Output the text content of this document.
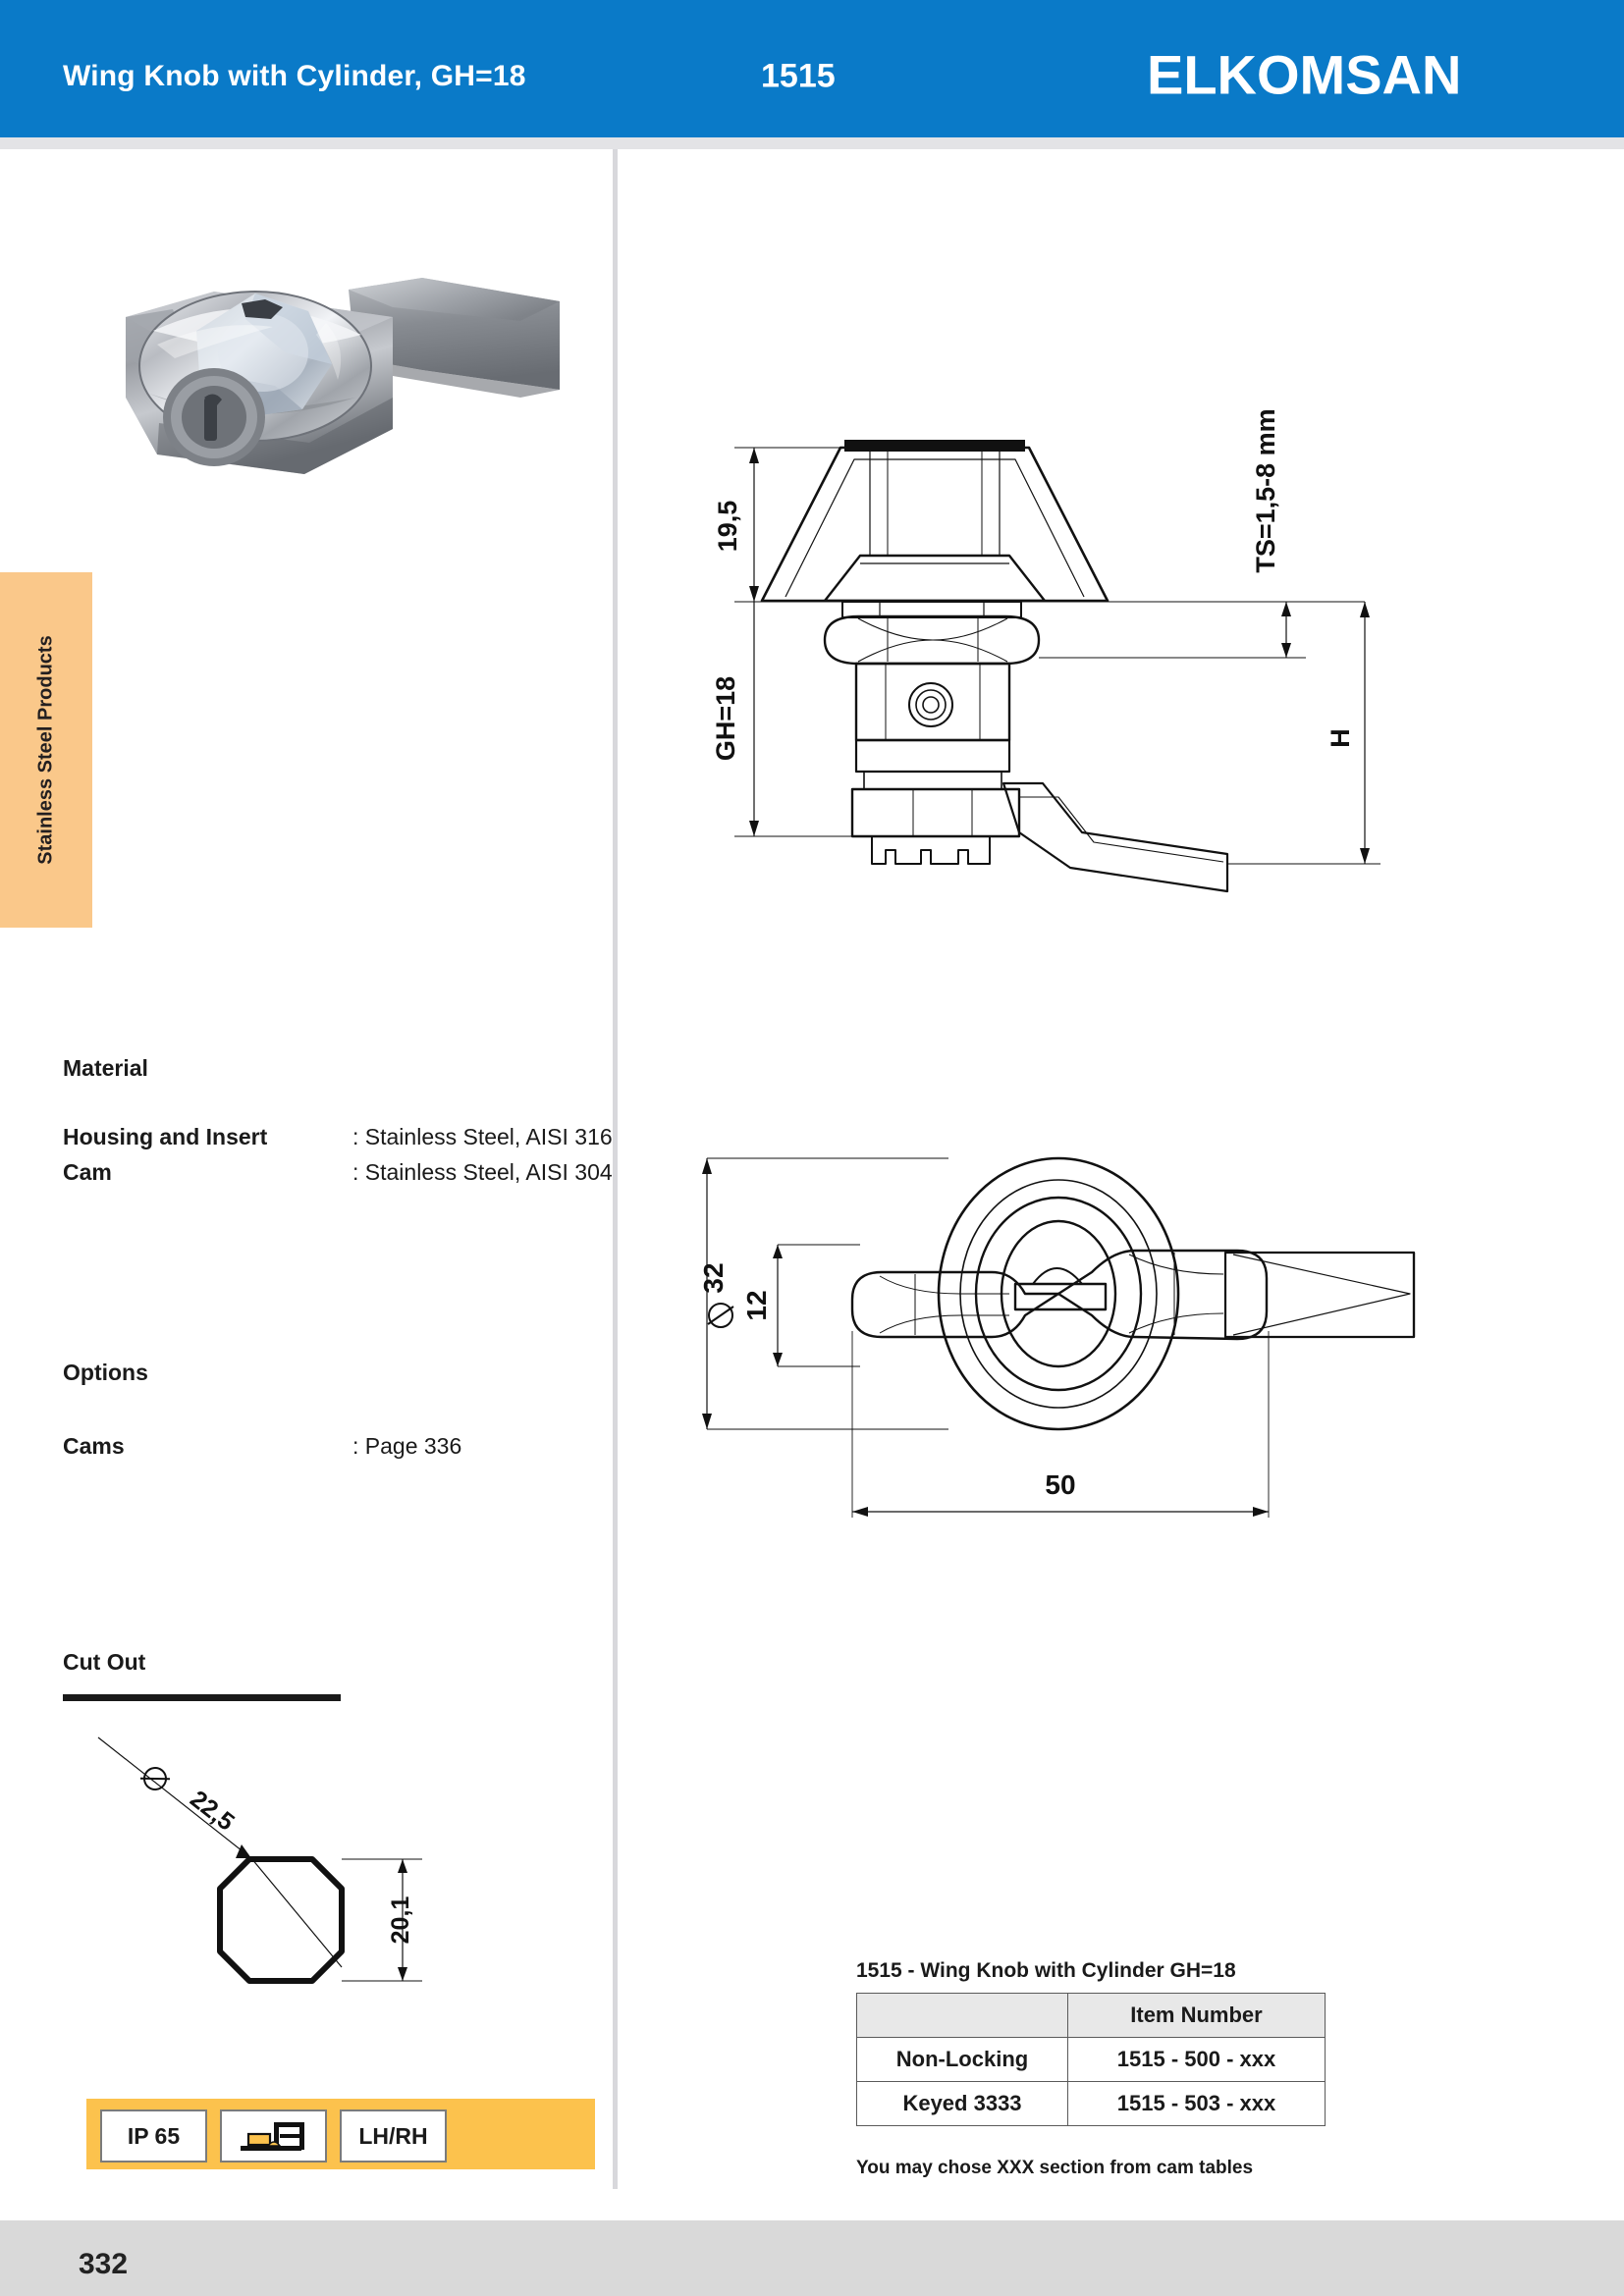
Wing Knob with Cylinder, GH=18	1515	ELKOMSAN
Stainless Steel Products
Material
Housing and Insert	: Stainless Steel, AISI 316
Cam	: Stainless Steel, AISI 304
Options
Cams	: Page 336
Cut Out
22,5
20,1
19,5
GH=18
TS=1,5-8 mm
H
32
12
50
IP 65	LH/RH
1515 - Wing Knob with Cylinder GH=18
	Item Number
Non-Locking	1515 - 500 - xxx
Keyed 3333	1515 - 503 - xxx
You may chose XXX section from cam tables
332
